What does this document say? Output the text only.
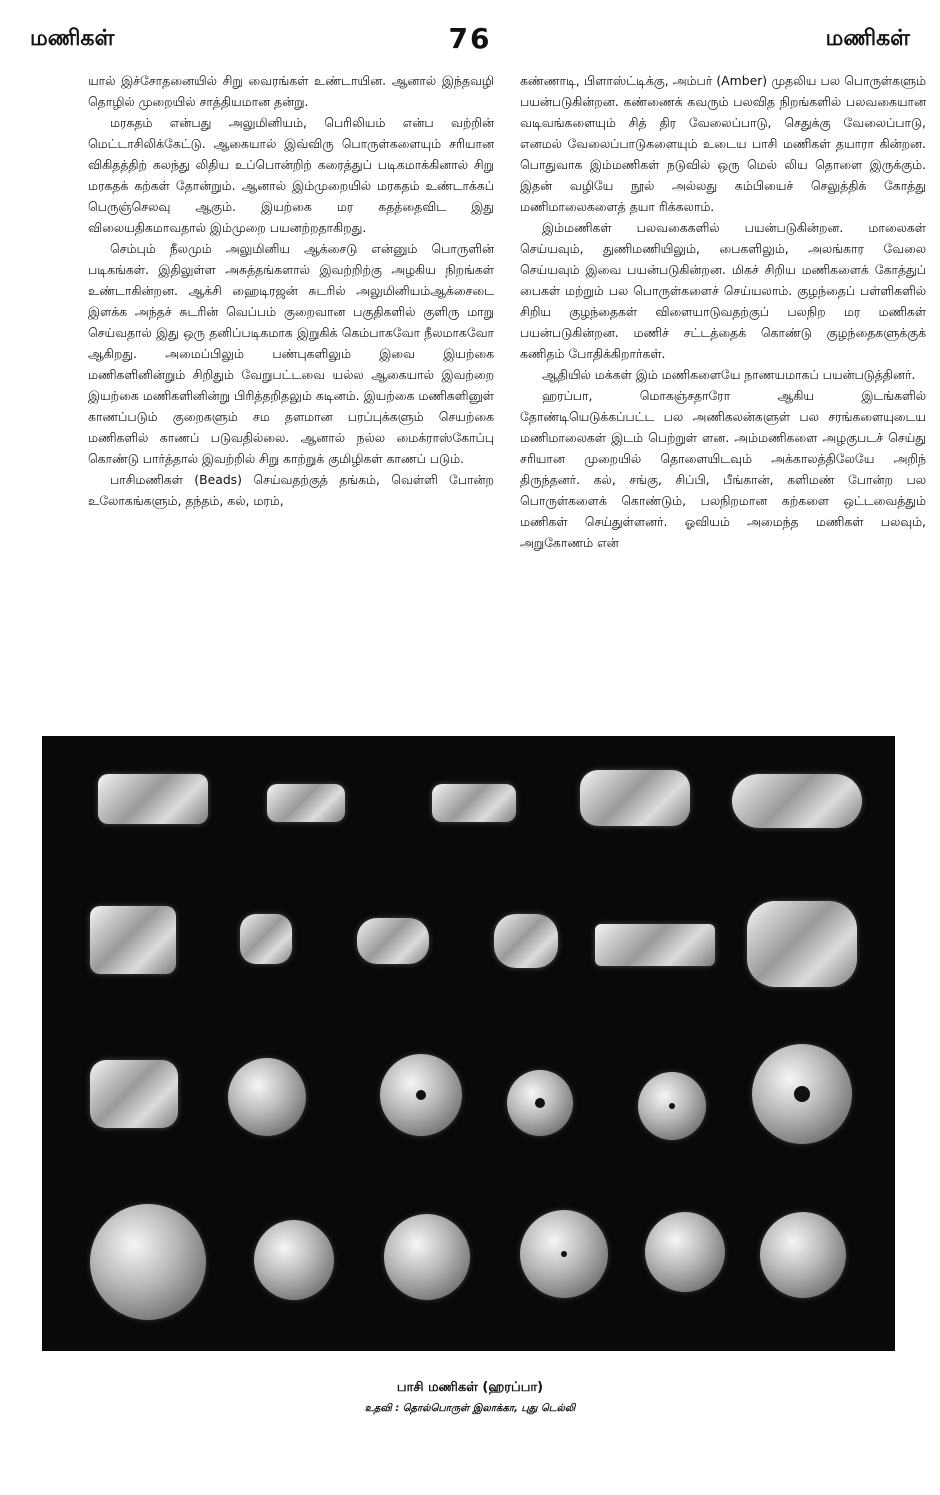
மணிகள்	76	மணிகள்

யால் இச்சோதனையில் சிறு வைரங்கள் உண்டாயின. ஆனால் இந்தவழி தொழில் முறையில் சாத்தியமான தன்று.

மரகதம் என்பது அலுமினியம், பெரிலியம் என்ப வற்றின் மெட்டாசிலிக்கேட்டு. ஆகையால் இவ்விரு பொருள்களையும் சரியான விகிதத்திற் கலந்து லிதிய உப்பொன்றிற் கரைத்துப் படிகமாக்கினால் சிறு மரகதக் கற்கள் தோன்றும். ஆனால் இம்முறையில் மரகதம் உண்டாக்கப் பெருஞ்செலவு ஆகும். இயற்கை மர கதத்தைவிட இது விலையதிகமாவதால் இம்முறை பயனற்றதாகிறது.

செம்பும் நீலமும் அலுமினிய ஆக்சைடு என்னும் பொருளின் படிகங்கள். இதிலுள்ள அசுத்தங்களால் இவற்றிற்கு அழகிய நிறங்கள் உண்டாகின்றன. ஆக்சி ஹைடிரஜன் சுடரில் அலுமினியம்ஆக்சைடை இளக்க அந்தச் சுடரின் வெப்பம் குறைவான பகுதிகளில் குளிரு மாறு செய்வதால் இது ஒரு தனிப்படிகமாக இறுகிக் கெம்பாகவோ நீலமாகவோ ஆகிறது. அமைப்பிலும் பண்புகளிலும் இவை இயற்கை மணிகளினின்றும் சிறிதும் வேறுபட்டவை யல்ல ஆகையால் இவற்றை இயற்கை மணிகளினின்று பிரித்தறிதலும் கடினம். இயற்கை மணிகளினுள் காணப்படும் குறைகளும் சம தளமான பரப்புக்களும் செயற்கை மணிகளில் காணப் படுவதில்லை. ஆனால் நல்ல மைக்ராஸ்கோப்பு கொண்டு பார்த்தால் இவற்றில் சிறு காற்றுக் குமிழிகள் காணப் படும்.

பாசிமணிகள் (Beads) செய்வதற்குத் தங்கம், வெள்ளி போன்ற உலோகங்களும், தந்தம், கல், மரம்,

கண்ணாடி, பிளாஸ்ட்டிக்கு, அம்பர் (Amber) முதலிய பல பொருள்களும் பயன்படுகின்றன. கண்ணைக் கவரும் பலவித நிறங்களில் பலவகையான வடிவங்களையும் சித் திர வேலைப்பாடு, செதுக்கு வேலைப்பாடு, எனமல் வேலைப்பாடுகளையும் உடைய பாசி மணிகள் தயாரா கின்றன. பொதுவாக இம்மணிகள் நடுவில் ஒரு மெல் லிய தொளை இருக்கும். இதன் வழியே நூல் அல்லது கம்பியைச் செலுத்திக் கோத்து மணிமாலைகளைத் தயா ரிக்கலாம்.

இம்மணிகள் பலவகைகளில் பயன்படுகின்றன. மாலைகள் செய்யவும், துணிமணியிலும், பைகளிலும், அலங்கார வேலை செய்யவும் இவை பயன்படுகின்றன. மிகச் சிறிய மணிகளைக் கோத்துப் பைகள் மற்றும் பல பொருள்களைச் செய்யலாம். குழந்தைப் பள்ளிகளில் சிறிய குழந்தைகள் விளையாடுவதற்குப் பலநிற மர மணிகள் பயன்படுகின்றன. மணிச் சட்டத்தைக் கொண்டு குழந்தைகளுக்குக் கணிதம் போதிக்கிறார்கள்.

ஆதியில் மக்கள் இம் மணிகளையே நாணயமாகப் பயன்படுத்தினர்.

ஹரப்பா, மொகஞ்சதாரோ ஆகிய இடங்களில் தோண்டியெடுக்கப்பட்ட பல அணிகலன்களுள் பல சரங்களையுடைய மணிமாலைகள் இடம் பெற்றுள் ளன. அம்மணிகளை அழகுபடச் செய்து சரியான முறையில் தொளையிடவும் அக்காலத்திலேயே அறிந் திருந்தனர். கல், சங்கு, சிப்பி, பீங்கான், களிமண் போன்ற பல பொருள்களைக் கொண்டும், பலநிறமான கற்களை ஒட்டவைத்தும் மணிகள் செய்துள்ளனர். ஓவியம் அமைந்த மணிகள் பலவும், அறுகோணம் என்

பாசி மணிகள் (ஹரப்பா)
உதவி : தொல்பொருள் இலாக்கா, புது டெல்லி
